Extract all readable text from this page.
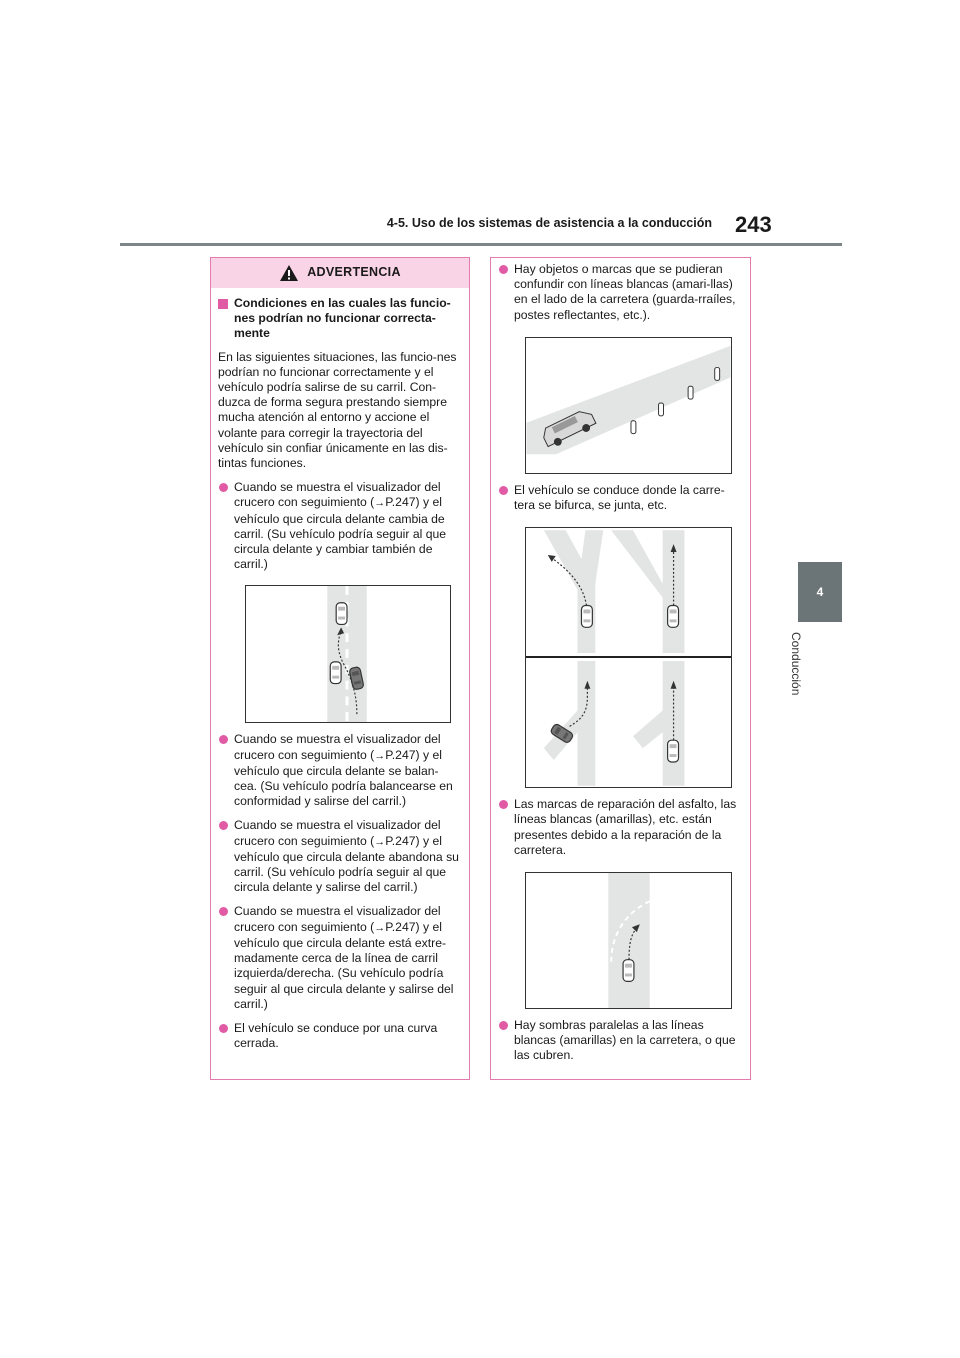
4-5. Uso de los sistemas de asistencia a la conducción 243
4
Conducción
ADVERTENCIA
Condiciones en las cuales las funcio-nes podrían no funcionar correcta-mente
En las siguientes situaciones, las funcio-nes podrían no funcionar correctamente y el vehículo podría salirse de su carril. Con-duzca de forma segura prestando siempre mucha atención al entorno y accione el volante para corregir la trayectoria del vehículo sin confiar únicamente en las dis-tintas funciones.
Cuando se muestra el visualizador del crucero con seguimiento (→P.247) y el vehículo que circula delante cambia de carril. (Su vehículo podría seguir al que circula delante y cambiar también de carril.)
Cuando se muestra el visualizador del crucero con seguimiento (→P.247) y el vehículo que circula delante se balan-cea. (Su vehículo podría balancearse en conformidad y salirse del carril.)
Cuando se muestra el visualizador del crucero con seguimiento (→P.247) y el vehículo que circula delante abandona su carril. (Su vehículo podría seguir al que circula delante y salirse del carril.)
Cuando se muestra el visualizador del crucero con seguimiento (→P.247) y el vehículo que circula delante está extre-madamente cerca de la línea de carril izquierda/derecha. (Su vehículo podría seguir al que circula delante y salirse del carril.)
El vehículo se conduce por una curva cerrada.
Hay objetos o marcas que se pudieran confundir con líneas blancas (amari-llas) en el lado de la carretera (guarda-rraíles, postes reflectantes, etc.).
El vehículo se conduce donde la carre-tera se bifurca, se junta, etc.
Las marcas de reparación del asfalto, las líneas blancas (amarillas), etc. están presentes debido a la reparación de la carretera.
Hay sombras paralelas a las líneas blancas (amarillas) en la carretera, o que las cubren.
